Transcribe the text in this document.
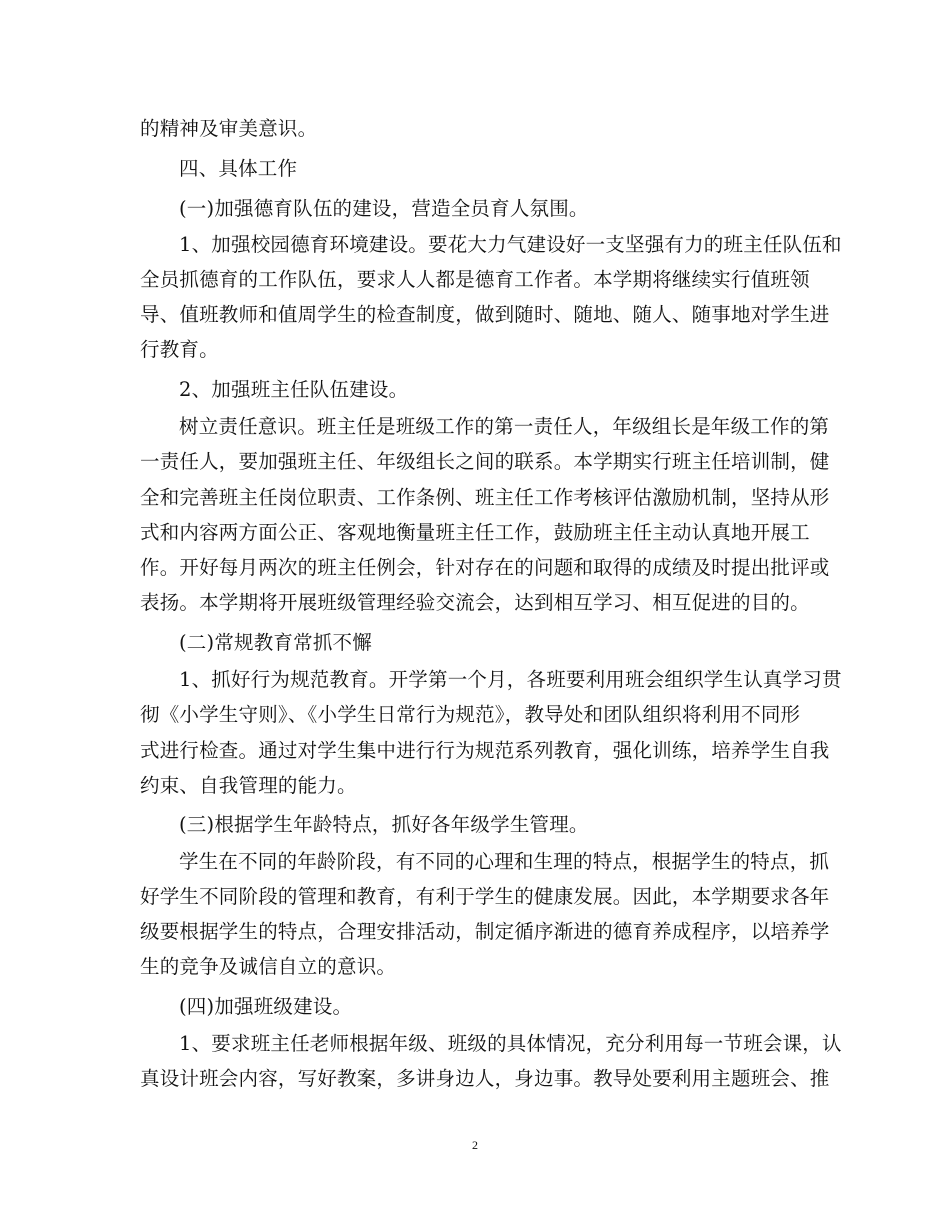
的精神及审美意识。
四、具体工作
(一)加强德育队伍的建设，营造全员育人氛围。
1、加强校园德育环境建设。要花大力气建设好一支坚强有力的班主任队伍和
全员抓德育的工作队伍，要求人人都是德育工作者。本学期将继续实行值班领
导、值班教师和值周学生的检查制度，做到随时、随地、随人、随事地对学生进
行教育。
2、加强班主任队伍建设。
树立责任意识。班主任是班级工作的第一责任人，年级组长是年级工作的第
一责任人，要加强班主任、年级组长之间的联系。本学期实行班主任培训制，健
全和完善班主任岗位职责、工作条例、班主任工作考核评估激励机制，坚持从形
式和内容两方面公正、客观地衡量班主任工作，鼓励班主任主动认真地开展工
作。开好每月两次的班主任例会，针对存在的问题和取得的成绩及时提出批评或
表扬。本学期将开展班级管理经验交流会，达到相互学习、相互促进的目的。
(二)常规教育常抓不懈
1、抓好行为规范教育。开学第一个月，各班要利用班会组织学生认真学习贯
彻《小学生守则》、《小学生日常行为规范》，教导处和团队组织将利用不同形
式进行检查。通过对学生集中进行行为规范系列教育，强化训练，培养学生自我
约束、自我管理的能力。
(三)根据学生年龄特点，抓好各年级学生管理。
学生在不同的年龄阶段，有不同的心理和生理的特点，根据学生的特点，抓
好学生不同阶段的管理和教育，有利于学生的健康发展。因此，本学期要求各年
级要根据学生的特点，合理安排活动，制定循序渐进的德育养成程序，以培养学
生的竞争及诚信自立的意识。
(四)加强班级建设。
1、要求班主任老师根据年级、班级的具体情况，充分利用每一节班会课，认
真设计班会内容，写好教案，多讲身边人，身边事。教导处要利用主题班会、推
2
